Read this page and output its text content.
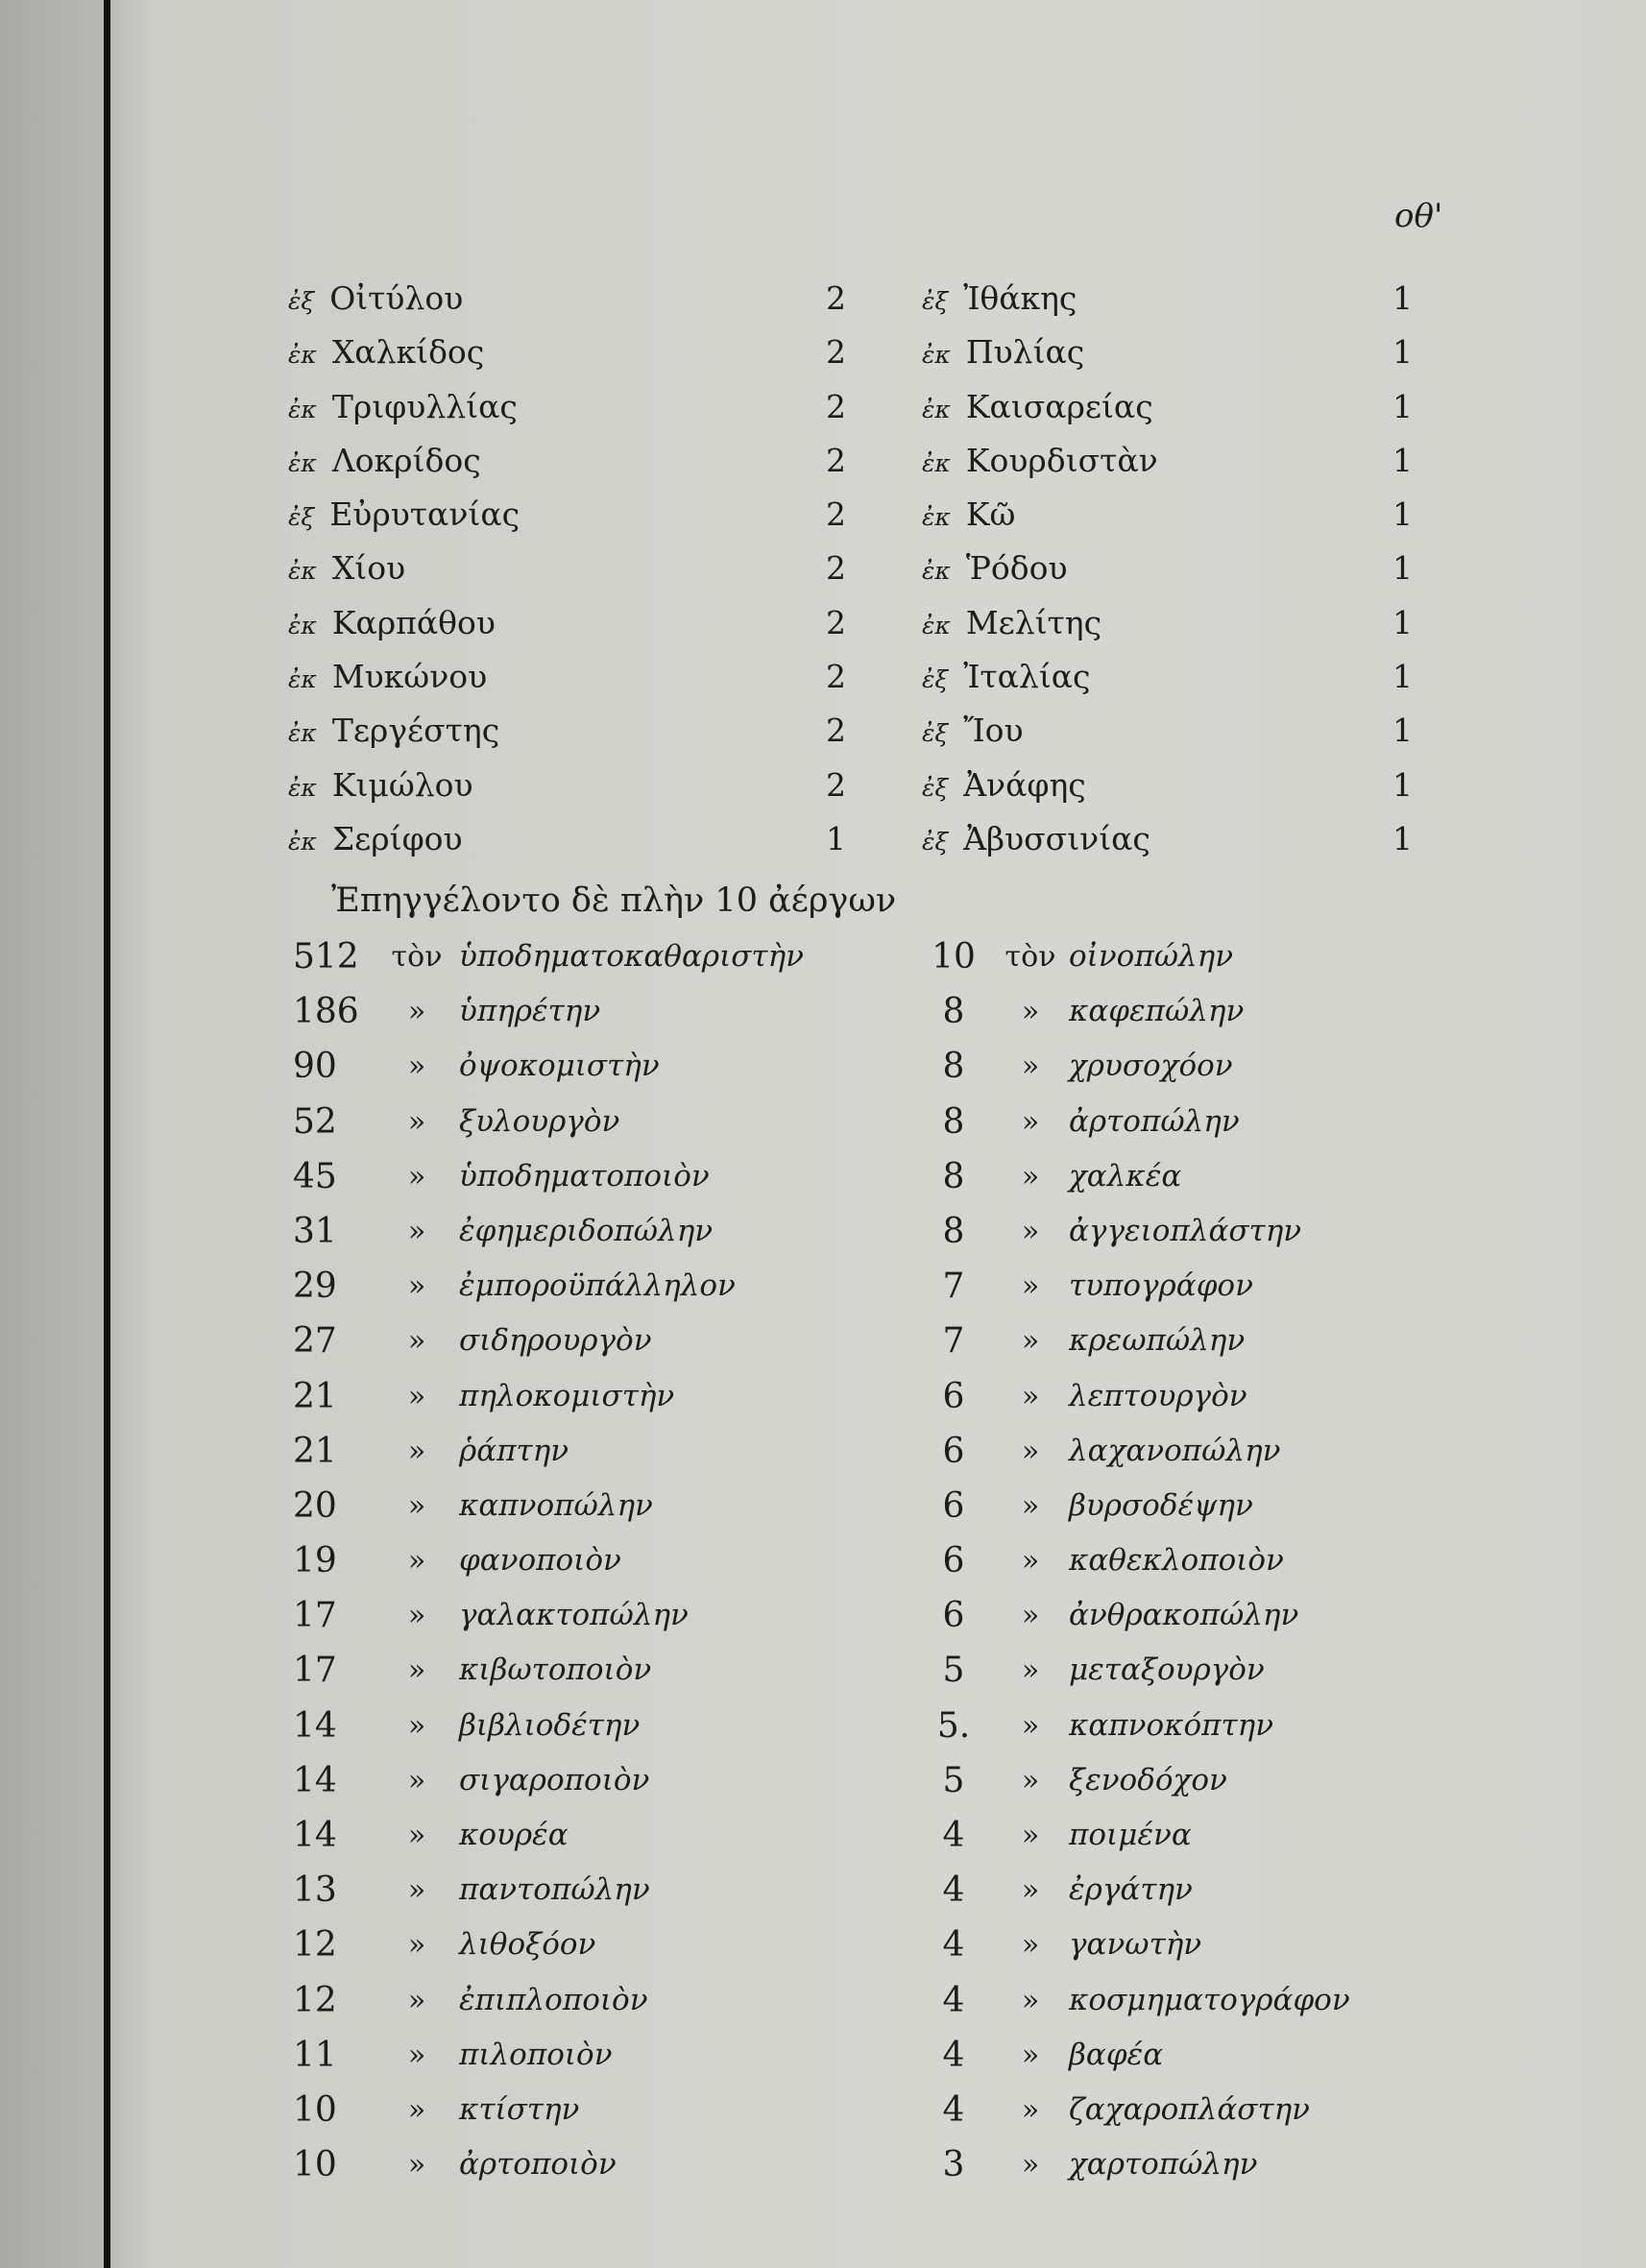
οθ'
ἐξ Οἰτύλου	2	ἐξ Ἰθάκης	1
ἐκ Χαλκίδος	2	ἐκ Πυλίας	1
ἐκ Τριφυλλίας	2	ἐκ Καισαρείας	1
ἐκ Λοκρίδος	2	ἐκ Κουρδιστὰν	1
ἐξ Εὐρυτανίας	2	ἐκ Κῶ	1
ἐκ Χίου	2	ἐκ Ῥόδου	1
ἐκ Καρπάθου	2	ἐκ Μελίτης	1
ἐκ Μυκώνου	2	ἐξ Ἰταλίας	1
ἐκ Τεργέστης	2	ἐξ Ἴου	1
ἐκ Κιμώλου	2	ἐξ Ἀνάφης	1
ἐκ Σερίφου	1	ἐξ Ἀβυσσινίας	1
Ἐπηγγέλοντο δὲ πλὴν 10 ἀέργων
512	τὸν ὑποδηματοκαθαριστὴν	10	τὸν οἰνοπώλην
186	»	ὑπηρέτην	8	» καφεπώλην
90	»	ὀψοκομιστὴν	8	» χρυσοχόον
52	»	ξυλουργὸν	8	» ἀρτοπώλην
45	»	ὑποδηματοποιὸν	8	» χαλκέα
31	»	ἐφημεριδοπώλην	8	» ἀγγειοπλάστην
29	»	ἐμποροϋπάλληλον	7	» τυπογράφον
27	»	σιδηρουργὸν	7	» κρεωπώλην
21	»	πηλοκομιστὴν	6	» λεπτουργὸν
21	»	ῥάπτην	6	» λαχανοπώλην
20	»	καπνοπώλην	6	» βυρσοδέψην
19	»	φανοποιὸν	6	» καθεκλοποιὸν
17	»	γαλακτοπώλην	6	» ἀνθρακοπώλην
17	»	κιβωτοποιὸν	5	» μεταξουργὸν
14	»	βιβλιοδέτην	5.	» καπνοκόπτην
14	»	σιγαροποιὸν	5	» ξενοδόχον
14	»	κουρέα	4	» ποιμένα
13	»	παντοπώλην	4	» ἐργάτην
12	»	λιθοξόον	4	» γανωτὴν
12	»	ἐπιπλοποιὸν	4	» κοσμηματογράφον
11	»	πιλοποιὸν	4	» βαφέα
10	»	κτίστην	4	» ζαχαροπλάστην
10	»	ἀρτοποιὸν	3	» χαρτοπώλην
